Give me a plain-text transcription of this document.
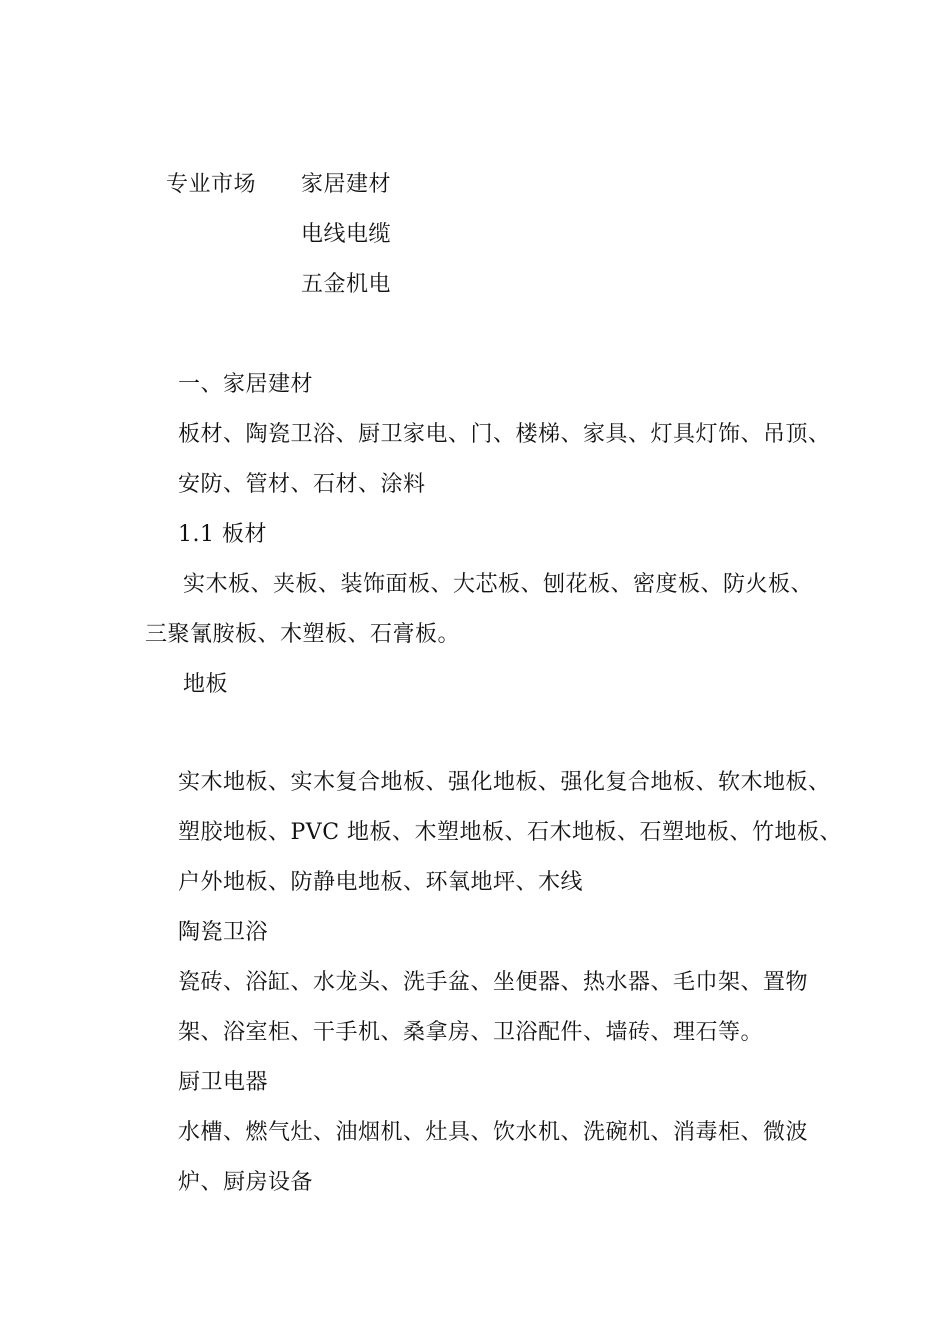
专业市场 家居建材
电线电缆
五金机电
一、家居建材
板材、陶瓷卫浴、厨卫家电、门、楼梯、家具、灯具灯饰、吊顶、
安防、管材、石材、涂料
1.1 板材
实木板、夹板、装饰面板、大芯板、刨花板、密度板、防火板、
三聚氰胺板、木塑板、石膏板。
地板
实木地板、实木复合地板、强化地板、强化复合地板、软木地板、
塑胶地板、PVC 地板、木塑地板、石木地板、石塑地板、竹地板、
户外地板、防静电地板、环氧地坪、木线
陶瓷卫浴
瓷砖、浴缸、水龙头、洗手盆、坐便器、热水器、毛巾架、置物
架、浴室柜、干手机、桑拿房、卫浴配件、墙砖、理石等。
厨卫电器
水槽、燃气灶、油烟机、灶具、饮水机、洗碗机、消毒柜、微波
炉、厨房设备
